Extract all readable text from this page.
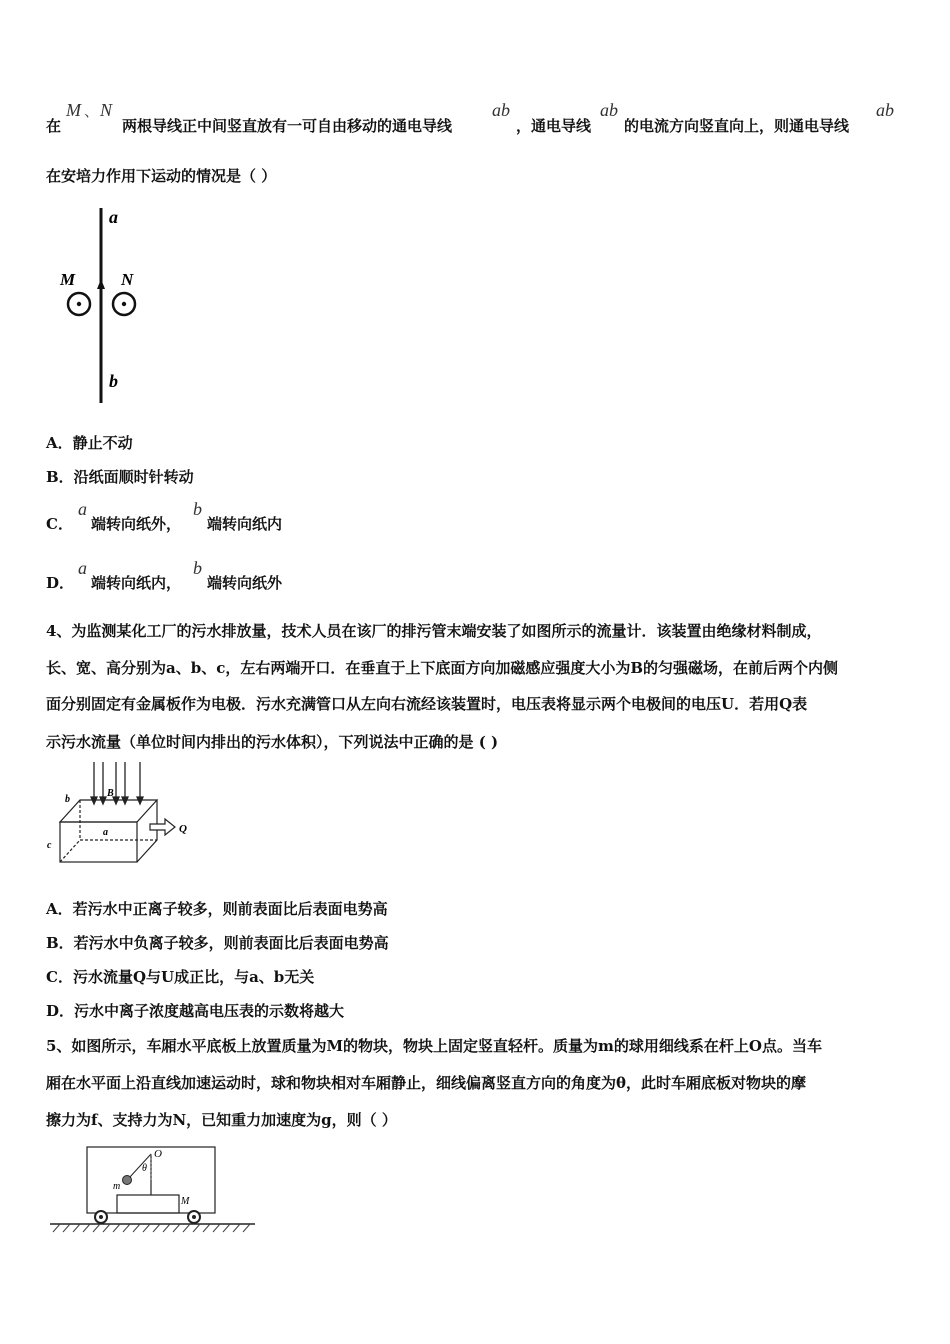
在
M 、 N
两根导线正中间竖直放有一可自由移动的通电导线
ab
，通电导线
ab
的电流方向竖直向上，则通电导线
ab
在安培力作用下运动的情况是（ ）
a
b
M	N
A．静止不动
B．沿纸面顺时针转动
C．
a
端转向纸外，
b
端转向纸内
D．
a
端转向纸内，
b
端转向纸外
4、为监测某化工厂的污水排放量，技术人员在该厂的排污管末端安装了如图所示的流量计．该装置由绝缘材料制成，
长、宽、高分别为a、b、c，左右两端开口．在垂直于上下底面方向加磁感应强度大小为B的匀强磁场，在前后两个内侧
面分别固定有金属板作为电极．污水充满管口从左向右流经该装置时，电压表将显示两个电极间的电压U．若用Q表
示污水流量（单位时间内排出的污水体积），下列说法中正确的是 ( )
b
B
a
c
Q
A．若污水中正离子较多，则前表面比后表面电势高
B．若污水中负离子较多，则前表面比后表面电势高
C．污水流量Q与U成正比，与a、b无关
D．污水中离子浓度越高电压表的示数将越大
5、如图所示，车厢水平底板上放置质量为M的物块，物块上固定竖直轻杆。质量为m的球用细线系在杆上O点。当车
厢在水平面上沿直线加速运动时，球和物块相对车厢静止，细线偏离竖直方向的角度为θ，此时车厢底板对物块的摩
擦力为f、支持力为N，已知重力加速度为g，则（ ）
O
θ
m
M
